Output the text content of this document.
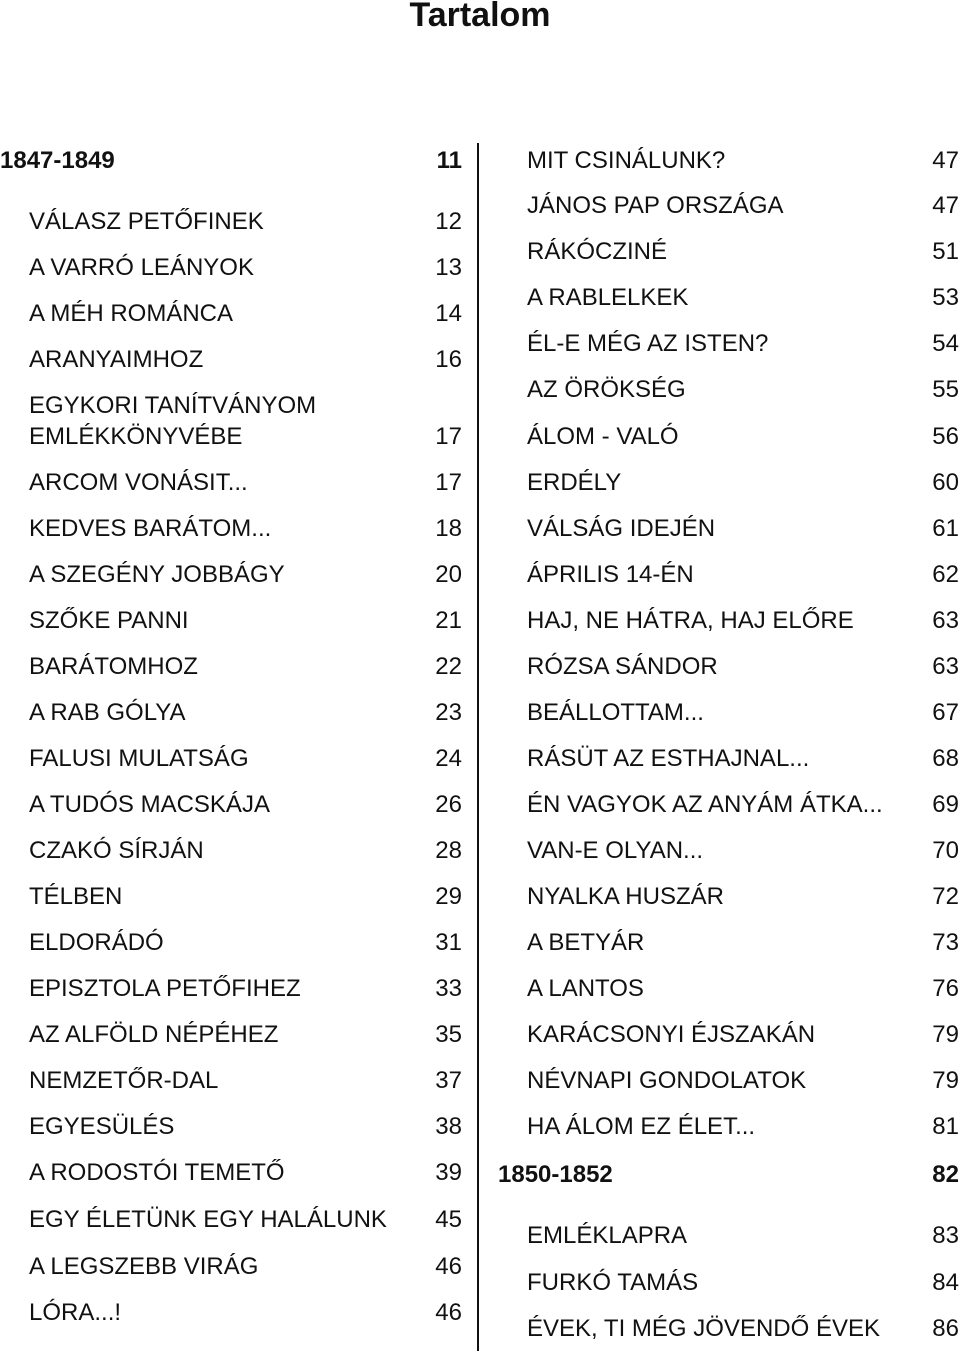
Tartalom
1847-1849	11
VÁLASZ PETŐFINEK	12
A VARRÓ LEÁNYOK	13
A MÉH ROMÁNCA	14
ARANYAIMHOZ	16
EGYKORI TANÍTVÁNYOM
EMLÉKKÖNYVÉBE	17
ARCOM VONÁSIT...	17
KEDVES BARÁTOM...	18
A SZEGÉNY JOBBÁGY	20
SZŐKE PANNI	21
BARÁTOMHOZ	22
A RAB GÓLYA	23
FALUSI MULATSÁG	24
A TUDÓS MACSKÁJA	26
CZAKÓ SÍRJÁN	28
TÉLBEN	29
ELDORÁDÓ	31
EPISZTOLA PETŐFIHEZ	33
AZ ALFÖLD NÉPÉHEZ	35
NEMZETŐR-DAL	37
EGYESÜLÉS	38
A RODOSTÓI TEMETŐ	39
EGY ÉLETÜNK EGY HALÁLUNK 45
A LEGSZEBB VIRÁG	46
LÓRA...!	46
MIT CSINÁLUNK?	47
JÁNOS PAP ORSZÁGA	47
RÁKÓCZINÉ	51
A RABLELKEK	53
ÉL-E MÉG AZ ISTEN?	54
AZ ÖRÖKSÉG	55
ÁLOM - VALÓ	56
ERDÉLY	60
VÁLSÁG IDEJÉN	61
ÁPRILIS 14-ÉN	62
HAJ, NE HÁTRA, HAJ ELŐRE	63
RÓZSA SÁNDOR	63
BEÁLLOTTAM...	67
RÁSÜT AZ ESTHAJNAL...	68
ÉN VAGYOK AZ ANYÁM ÁTKA... 69
VAN-E OLYAN...	70
NYALKA HUSZÁR	72
A BETYÁR	73
A LANTOS	76
KARÁCSONYI ÉJSZAKÁN	79
NÉVNAPI GONDOLATOK	79
HA ÁLOM EZ ÉLET...	81
1850-1852	82
EMLÉKLAPRA	83
FURKÓ TAMÁS	84
ÉVEK, TI MÉG JÖVENDŐ ÉVEK 86
